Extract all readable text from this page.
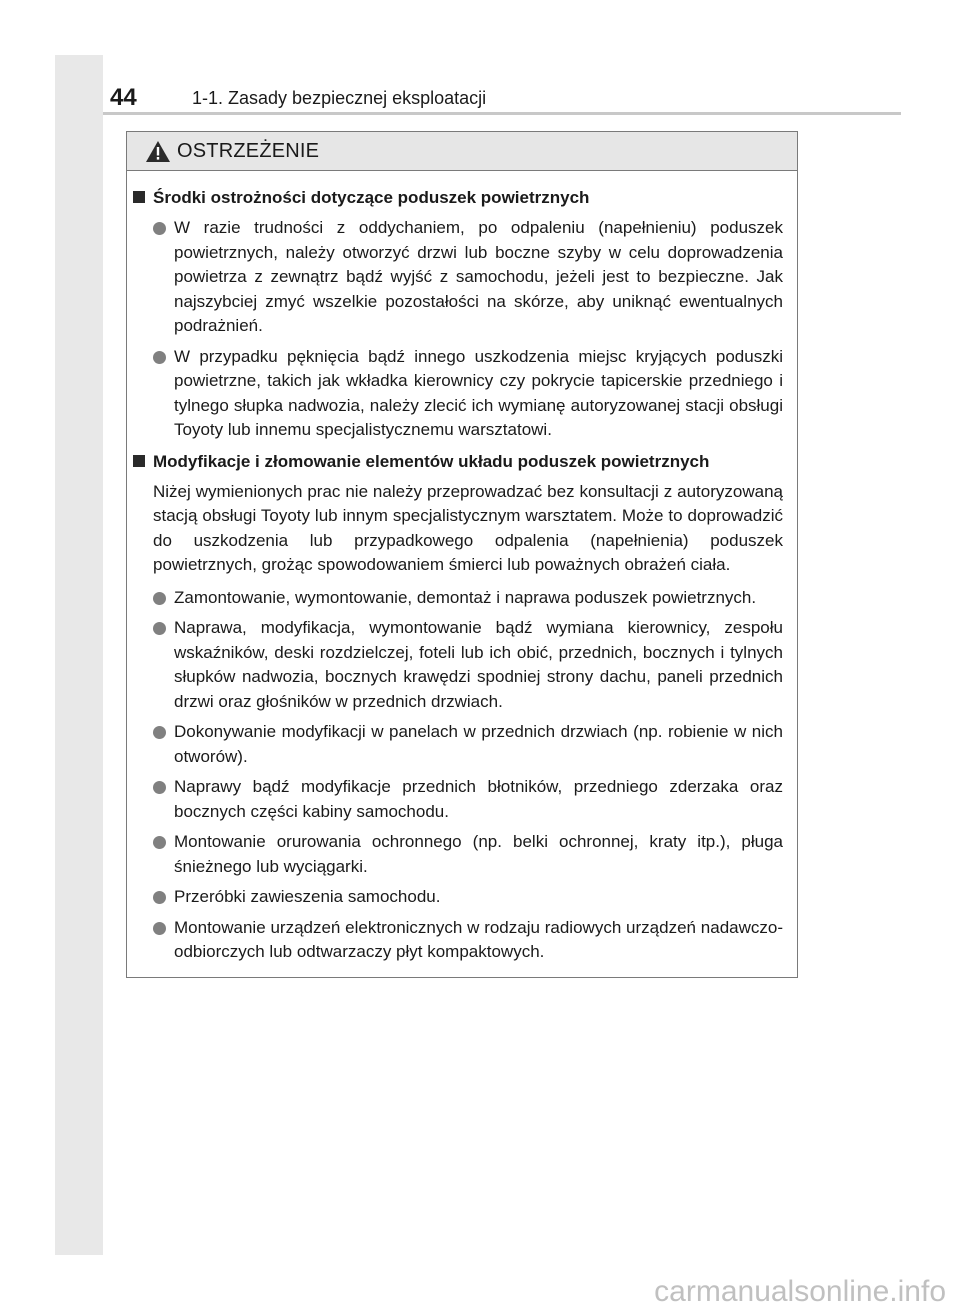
44	1-1. Zasady bezpiecznej eksploatacji
OSTRZEŻENIE
Środki ostrożności dotyczące poduszek powietrznych
W razie trudności z oddychaniem, po odpaleniu (napełnieniu) poduszek powietrznych, należy otworzyć drzwi lub boczne szyby w celu doprowadzenia powietrza z zewnątrz bądź wyjść z samochodu, jeżeli jest to bezpieczne. Jak najszybciej zmyć wszelkie pozostałości na skórze, aby uniknąć ewentualnych podrażnień.
W przypadku pęknięcia bądź innego uszkodzenia miejsc kryjących poduszki powietrzne, takich jak wkładka kierownicy czy pokrycie tapicerskie przedniego i tylnego słupka nadwozia, należy zlecić ich wymianę autoryzowanej stacji obsługi Toyoty lub innemu specjalistycznemu warsztatowi.
Modyfikacje i złomowanie elementów układu poduszek powietrznych
Niżej wymienionych prac nie należy przeprowadzać bez konsultacji z autoryzowaną stacją obsługi Toyoty lub innym specjalistycznym warsztatem. Może to doprowadzić do uszkodzenia lub przypadkowego odpalenia (napełnienia) poduszek powietrznych, grożąc spowodowaniem śmierci lub poważnych obrażeń ciała.
Zamontowanie, wymontowanie, demontaż i naprawa poduszek powietrznych.
Naprawa, modyfikacja, wymontowanie bądź wymiana kierownicy, zespołu wskaźników, deski rozdzielczej, foteli lub ich obić, przednich, bocznych i tylnych słupków nadwozia, bocznych krawędzi spodniej strony dachu, paneli przednich drzwi oraz głośników w przednich drzwiach.
Dokonywanie modyfikacji w panelach w przednich drzwiach (np. robienie w nich otworów).
Naprawy bądź modyfikacje przednich błotników, przedniego zderzaka oraz bocznych części kabiny samochodu.
Montowanie orurowania ochronnego (np. belki ochronnej, kraty itp.), pługa śnieżnego lub wyciągarki.
Przeróbki zawieszenia samochodu.
Montowanie urządzeń elektronicznych w rodzaju radiowych urządzeń nadawczo-odbiorczych lub odtwarzaczy płyt kompaktowych.
carmanualsonline.info
